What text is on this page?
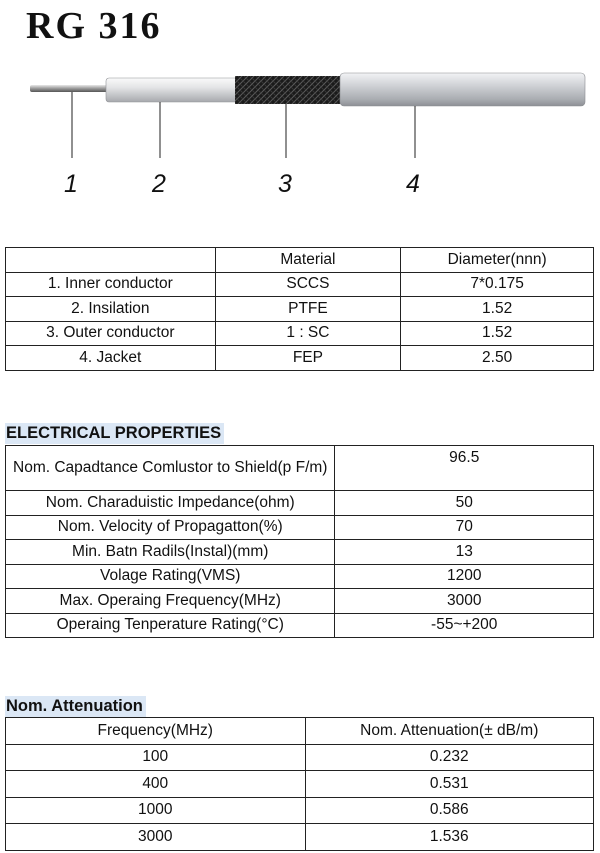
RG 316
1	2	3	4
	Material	Diameter(nnn)
1. Inner conductor	SCCS	7*0.175
2. Insilation	PTFE	1.52
3. Outer conductor	1 : SC	1.52
4. Jacket	FEP	2.50
ELECTRICAL PROPERTIES
Nom. Capadtance Comlustor to Shield(p F/m)	96.5
Nom. Charaduistic Impedance(ohm)	50
Nom. Velocity of Propagatton(%)	70
Min. Batn Radils(Instal)(mm)	13
Volage Rating(VMS)	1200
Max. Operaing Frequency(MHz)	3000
Operaing Tenperature Rating(°C)	-55~+200
Nom. Attenuation
Frequency(MHz)	Nom. Attenuation(± dB/m)
100	0.232
400	0.531
1000	0.586
3000	1.536
